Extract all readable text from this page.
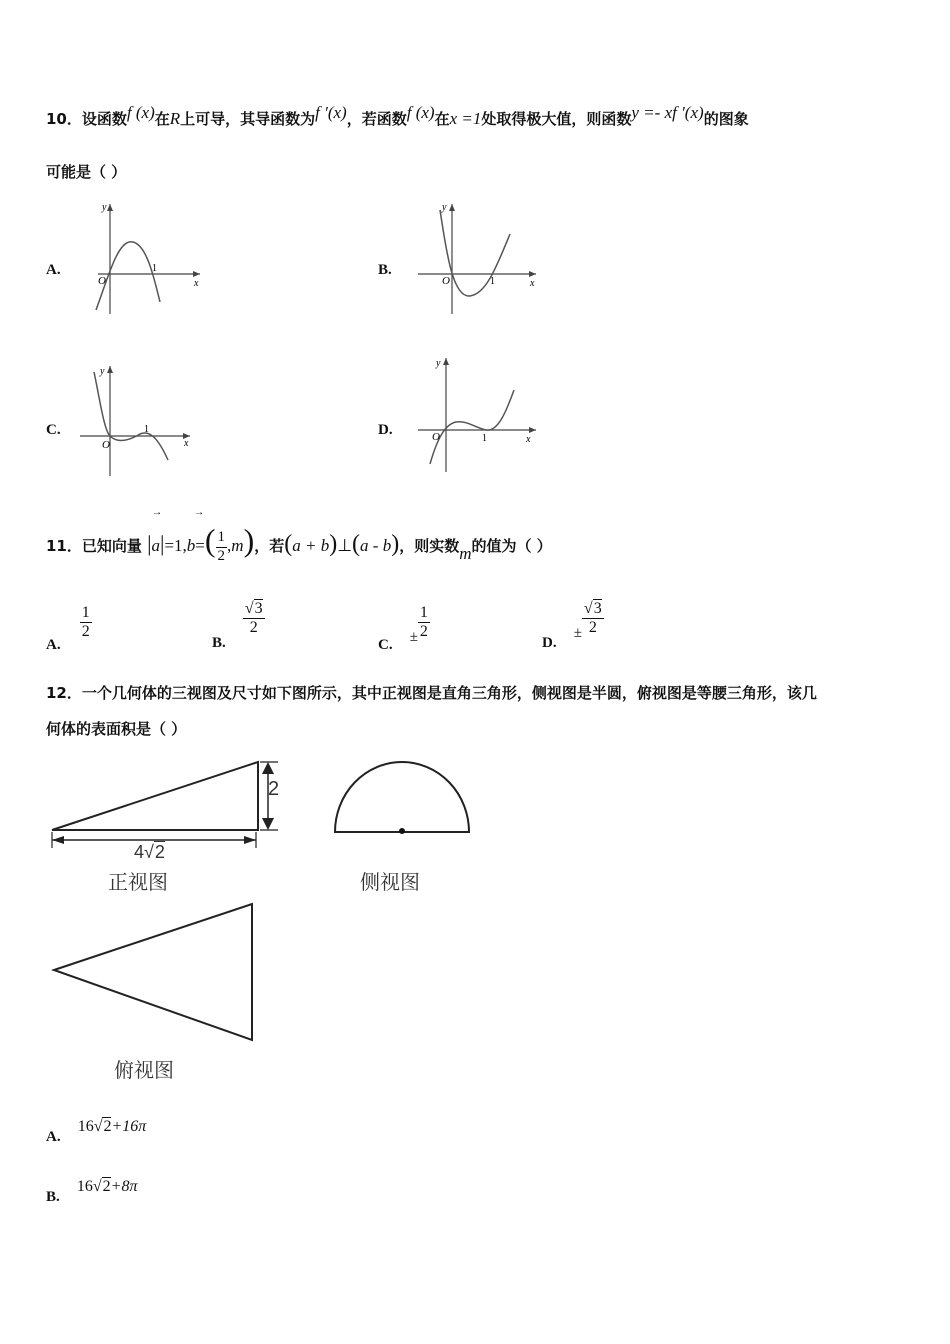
10．设函数f (x)在R上可导，其导函数为f ′(x)，若函数f (x)在x =1处取得极大值，则函数y =- xf ′(x)的图象
可能是（ ）
A.
y
O
1
x
B.
y
O	1	x
C.
y
O
1
x
D.
y
O	1	x
11．已知向量
→	→
$|a|=1,b=( \frac{1}{2} ,m)$，若(a + b)⊥(a - b)，则实数m的值为（ ）
A.
$\frac{1}{2}$
B.
$\frac{√3}{2}$
C. ± $\frac{1}{2}$
D. ± $\frac{√3}{2}$
12．一个几何体的三视图及尺寸如下图所示，其中正视图是直角三角形，侧视图是半圆，俯视图是等腰三角形，该几
何体的表面积是（ ）
2
4√2
正视图	侧视图
俯视图
A. 16√2+16π
B. 16√2+8π
